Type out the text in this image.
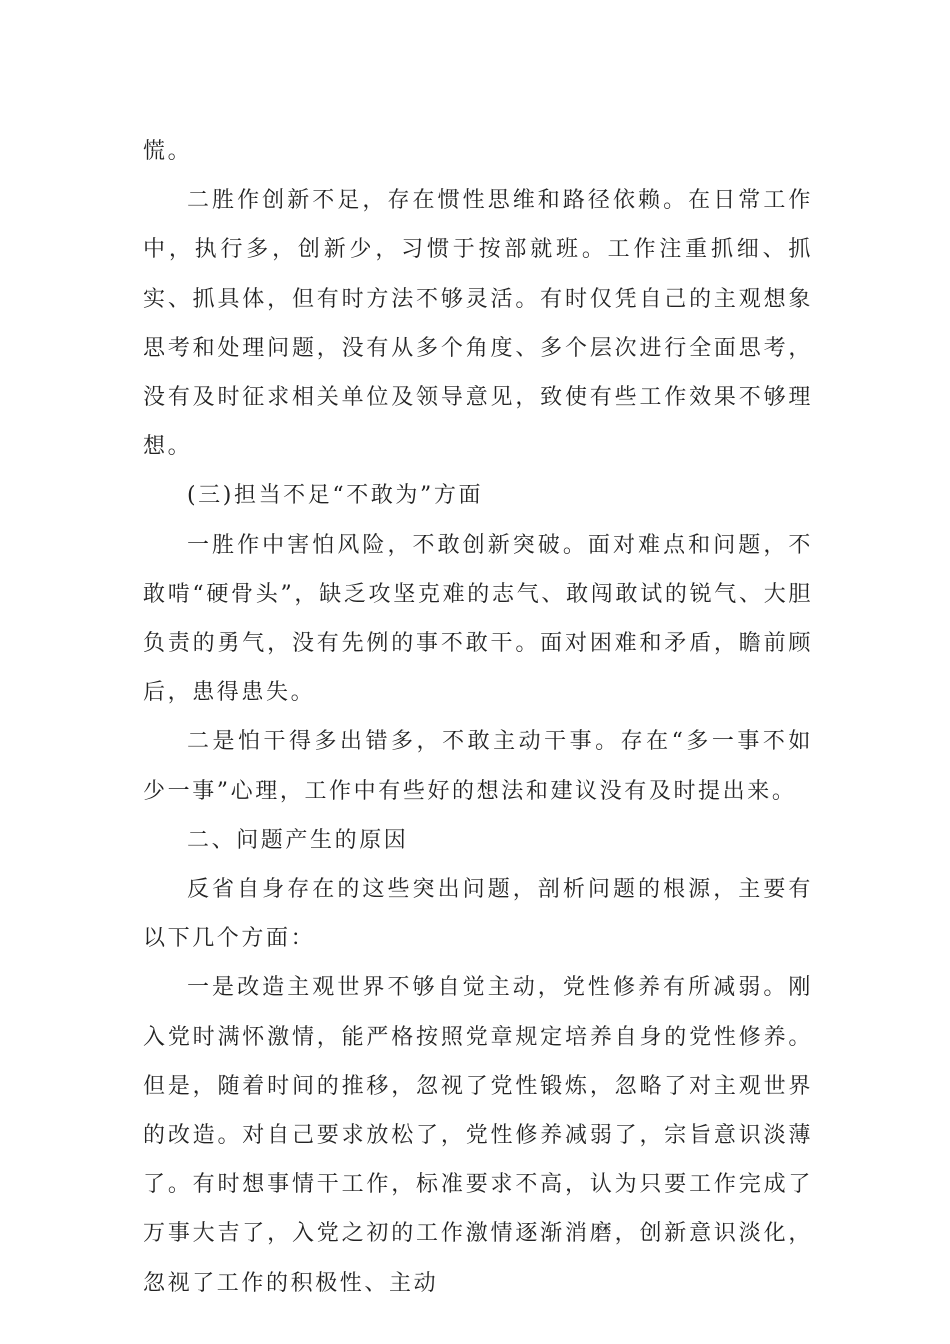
慌。

二胜作创新不足，存在惯性思维和路径依赖。在日常工作中，执行多，创新少，习惯于按部就班。工作注重抓细、抓实、抓具体，但有时方法不够灵活。有时仅凭自己的主观想象思考和处理问题，没有从多个角度、多个层次进行全面思考，没有及时征求相关单位及领导意见，致使有些工作效果不够理想。

(三)担当不足“不敢为”方面

一胜作中害怕风险，不敢创新突破。面对难点和问题，不敢啃“硬骨头”，缺乏攻坚克难的志气、敢闯敢试的锐气、大胆负责的勇气，没有先例的事不敢干。面对困难和矛盾，瞻前顾后，患得患失。

二是怕干得多出错多，不敢主动干事。存在“多一事不如少一事”心理，工作中有些好的想法和建议没有及时提出来。

二、问题产生的原因

反省自身存在的这些突出问题，剖析问题的根源，主要有以下几个方面：

一是改造主观世界不够自觉主动，党性修养有所减弱。刚入党时满怀激情，能严格按照党章规定培养自身的党性修养。但是，随着时间的推移，忽视了党性锻炼，忽略了对主观世界的改造。对自己要求放松了，党性修养减弱了，宗旨意识淡薄了。有时想事情干工作，标准要求不高，认为只要工作完成了万事大吉了，入党之初的工作激情逐渐消磨，创新意识淡化，忽视了工作的积极性、主动
